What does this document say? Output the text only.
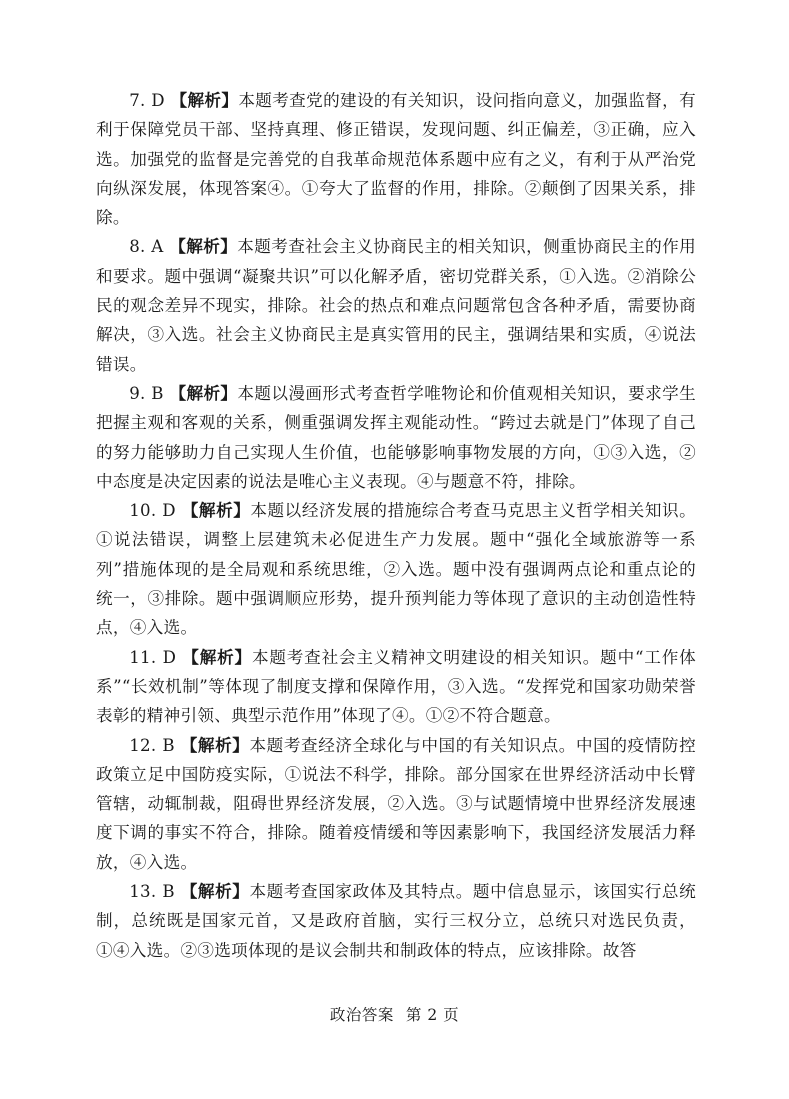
7. D 【解析】本题考查党的建设的有关知识，设问指向意义，加强监督，有利于保障党员干部、坚持真理、修正错误，发现问题、纠正偏差，③正确，应入选。加强党的监督是完善党的自我革命规范体系题中应有之义，有利于从严治党向纵深发展，体现答案④。①夸大了监督的作用，排除。②颠倒了因果关系，排除。

8. A 【解析】本题考查社会主义协商民主的相关知识，侧重协商民主的作用和要求。题中强调“凝聚共识”可以化解矛盾，密切党群关系，①入选。②消除公民的观念差异不现实，排除。社会的热点和难点问题常包含各种矛盾，需要协商解决，③入选。社会主义协商民主是真实管用的民主，强调结果和实质，④说法错误。

9. B 【解析】本题以漫画形式考查哲学唯物论和价值观相关知识，要求学生把握主观和客观的关系，侧重强调发挥主观能动性。“跨过去就是门”体现了自己的努力能够助力自己实现人生价值，也能够影响事物发展的方向，①③入选，②中态度是决定因素的说法是唯心主义表现。④与题意不符，排除。

10. D 【解析】本题以经济发展的措施综合考查马克思主义哲学相关知识。①说法错误，调整上层建筑未必促进生产力发展。题中“强化全域旅游等一系列”措施体现的是全局观和系统思维，②入选。题中没有强调两点论和重点论的统一，③排除。题中强调顺应形势，提升预判能力等体现了意识的主动创造性特点，④入选。

11. D 【解析】本题考查社会主义精神文明建设的相关知识。题中“工作体系”“长效机制”等体现了制度支撑和保障作用，③入选。“发挥党和国家功勋荣誉表彰的精神引领、典型示范作用”体现了④。①②不符合题意。

12. B 【解析】本题考查经济全球化与中国的有关知识点。中国的疫情防控政策立足中国防疫实际，①说法不科学，排除。部分国家在世界经济活动中长臂管辖，动辄制裁，阻碍世界经济发展，②入选。③与试题情境中世界经济发展速度下调的事实不符合，排除。随着疫情缓和等因素影响下，我国经济发展活力释放，④入选。

13. B 【解析】本题考查国家政体及其特点。题中信息显示，该国实行总统制，总统既是国家元首，又是政府首脑，实行三权分立，总统只对选民负责，①④入选。②③选项体现的是议会制共和制政体的特点，应该排除。故答

政治答案 第 2 页
